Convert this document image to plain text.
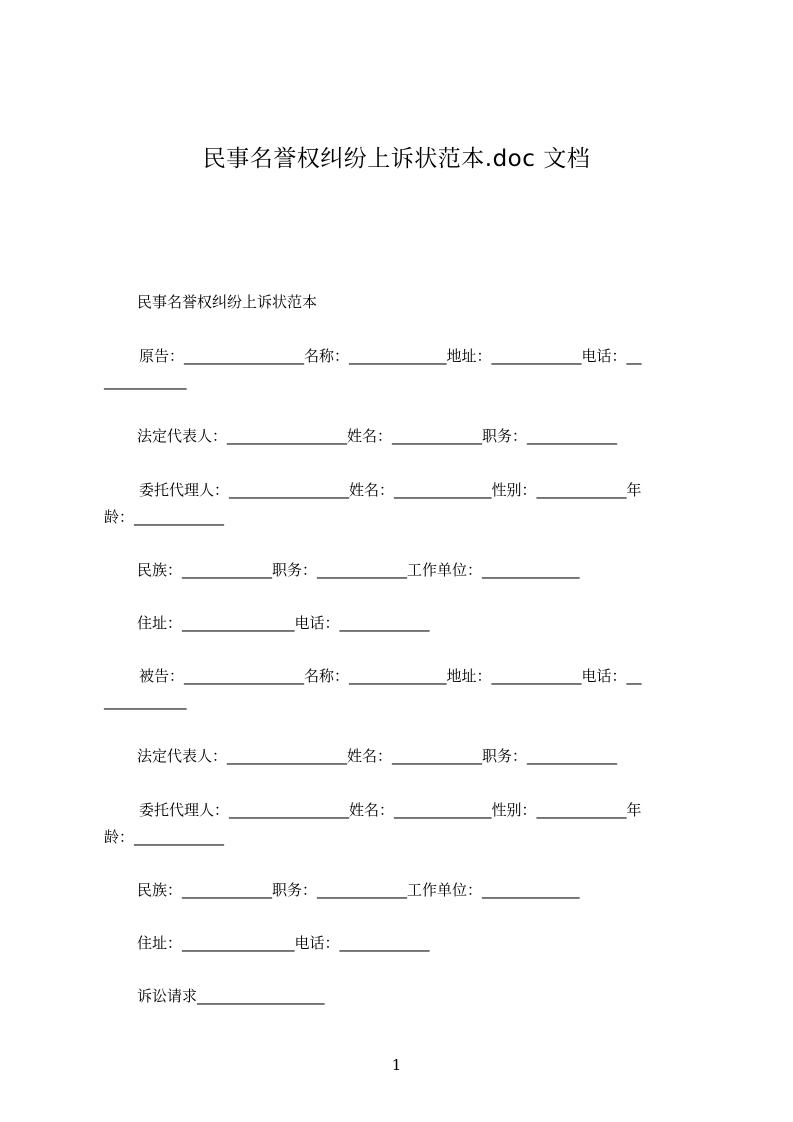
民事名誉权纠纷上诉状范本.doc 文档
民事名誉权纠纷上诉状范本
原告：________________名称：_____________地址：____________电话：__
___________
法定代表人：________________姓名：____________职务：____________
委托代理人：________________姓名：_____________性别：____________年
龄：____________
民族：____________职务：____________工作单位：_____________
住址：_______________电话：____________
被告：________________名称：_____________地址：____________电话：__
___________
法定代表人：________________姓名：____________职务：____________
委托代理人：________________姓名：_____________性别：____________年
龄：____________
民族：____________职务：____________工作单位：_____________
住址：_______________电话：____________
诉讼请求_________________
1
